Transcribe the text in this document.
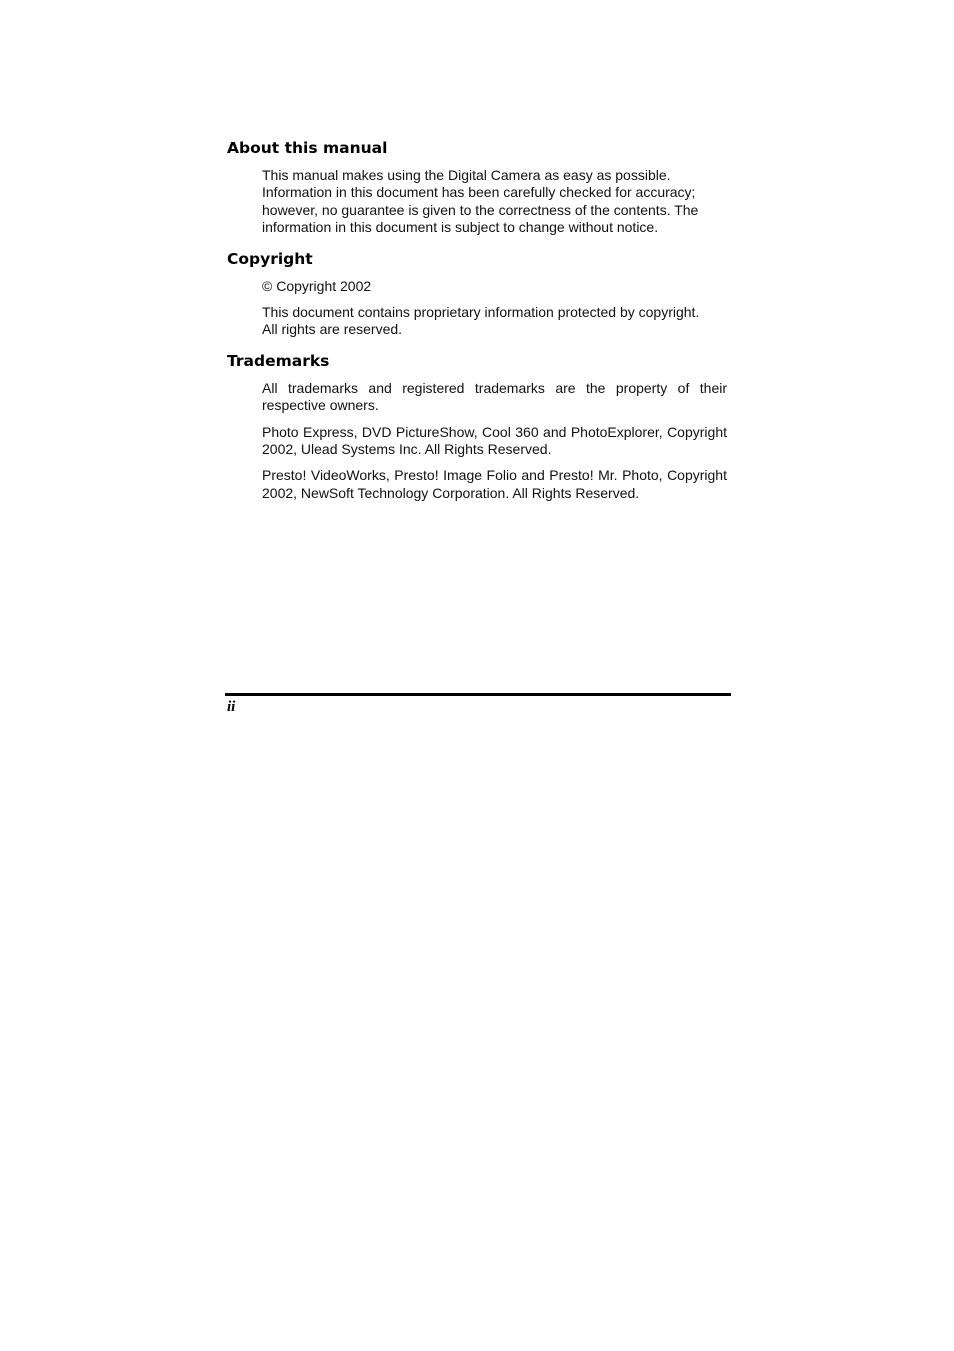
About this manual

This manual makes using the Digital Camera as easy as possible. Information in this document has been carefully checked for accuracy; however, no guarantee is given to the correctness of the contents. The information in this document is subject to change without notice.

Copyright

© Copyright 2002

This document contains proprietary information protected by copyright. All rights are reserved.

Trademarks

All trademarks and registered trademarks are the property of their respective owners.

Photo Express, DVD PictureShow, Cool 360 and PhotoExplorer, Copyright 2002, Ulead Systems Inc. All Rights Reserved.

Presto! VideoWorks, Presto! Image Folio and Presto! Mr. Photo, Copyright 2002, NewSoft Technology Corporation. All Rights Reserved.

ii
